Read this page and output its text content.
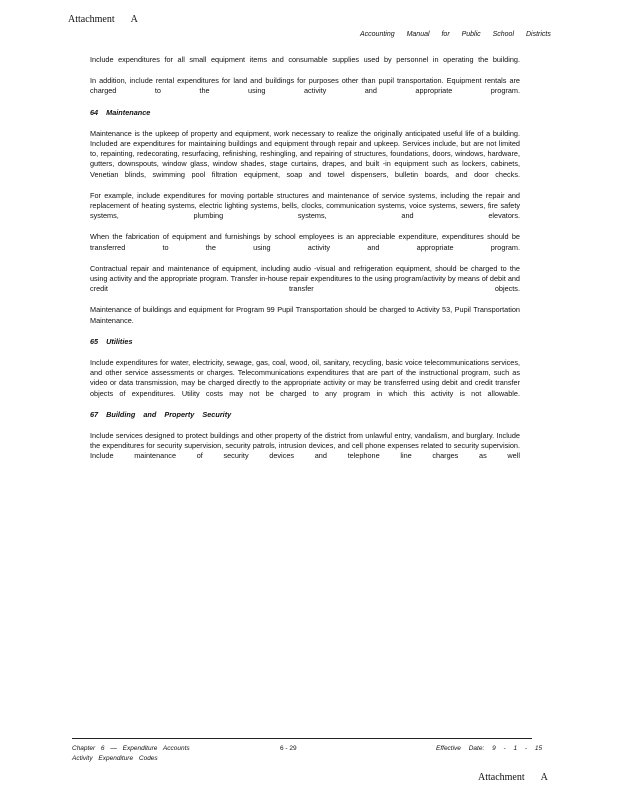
Attachment A
Accounting Manual for Public School Districts

Include expenditures for all small equipment items and consumable supplies used by personnel in operating the building.

In addition, include rental expenditures for land and buildings for purposes other than pupil transportation. Equipment rentals are charged to the using activity and appropriate program.

64 Maintenance

Maintenance is the upkeep of property and equipment, work necessary to realize the originally anticipated useful life of a building. Included are expenditures for maintaining buildings and equipment through repair and upkeep. Services include, but are not limited to, repainting, redecorating, resurfacing, refinishing, reshingling, and repairing of structures, foundations, doors, windows, hardware, gutters, downspouts, window glass, window shades, stage curtains, drapes, and built -in equipment such as lockers, cabinets, Venetian blinds, swimming pool filtration equipment, soap and towel dispensers, bulletin boards, and door checks.

For example, include expenditures for moving portable structures and maintenance of service systems, including the repair and replacement of heating systems, electric lighting systems, bells, clocks, communication systems, voice systems, sewers, fire safety systems, plumbing systems, and elevators.

When the fabrication of equipment and furnishings by school employees is an appreciable expenditure, expenditures should be transferred to the using activity and appropriate program.

Contractual repair and maintenance of equipment, including audio -visual and refrigeration equipment, should be charged to the using activity and the appropriate program. Transfer in-house repair expenditures to the using program/activity by means of debit and credit transfer objects.

Maintenance of buildings and equipment for Program 99 Pupil Transportation should be charged to Activity 53, Pupil Transportation Maintenance.

65 Utilities

Include expenditures for water, electricity, sewage, gas, coal, wood, oil, sanitary, recycling, basic voice telecommunications services, and other service assessments or charges. Telecommunications expenditures that are part of the instructional program, such as video or data transmission, may be charged directly to the appropriate activity or may be transferred using debit and credit transfer objects of expenditures. Utility costs may not be charged to any program in which this activity is not allowable.

67 Building and Property Security

Include services designed to protect buildings and other property of the district from unlawful entry, vandalism, and burglary. Include the expenditures for security supervision, security patrols, intrusion devices, and cell phone expenses related to security supervision. Include maintenance of security devices and telephone line charges as well

Chapter 6 — Expenditure Accounts
Activity Expenditure Codes
6 - 29	Effective Date: 9 - 1 - 15
Attachment A
